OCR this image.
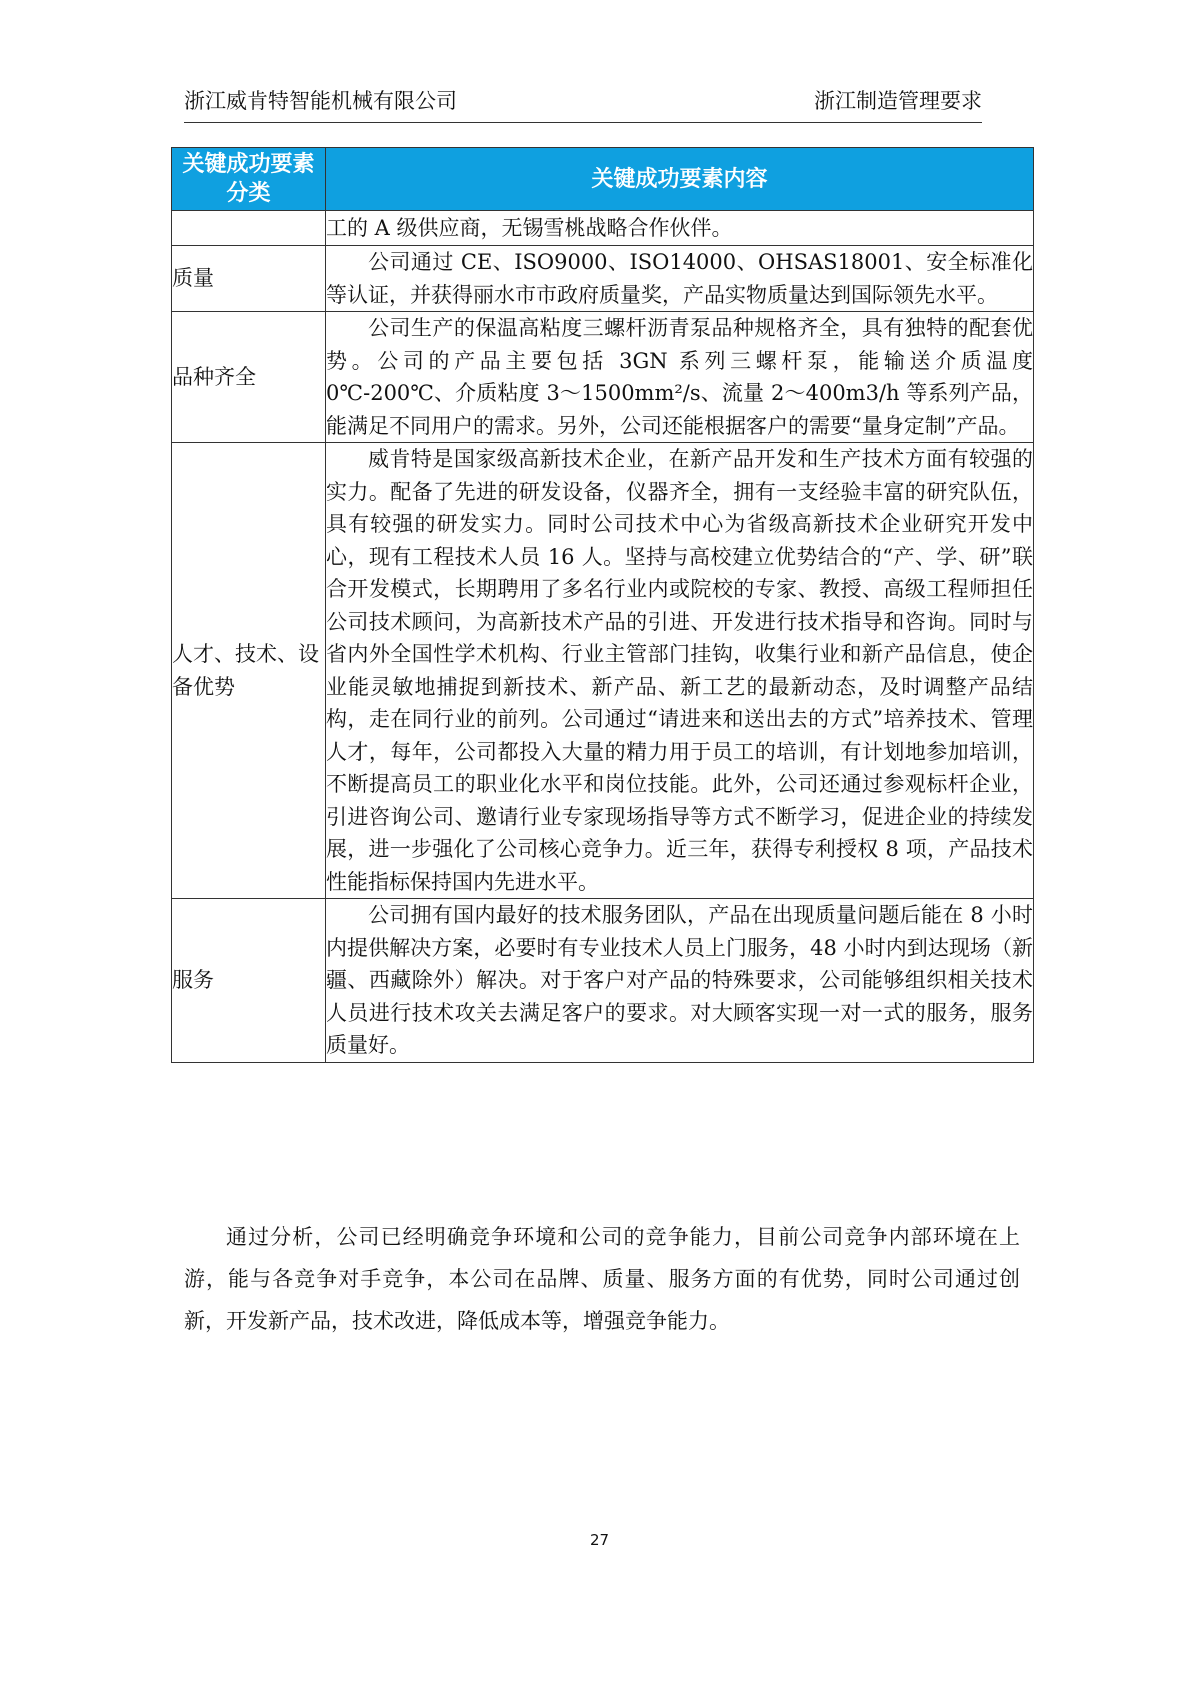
浙江威肯特智能机械有限公司	浙江制造管理要求
关键成功要素分类	关键成功要素内容

	工的 A 级供应商，无锡雪桃战略合作伙伴。

质量	公司通过 CE、ISO9000、ISO14000、OHSAS18001、安全标准化等认证，并获得丽水市市政府质量奖，产品实物质量达到国际领先水平。

品种齐全	公司生产的保温高粘度三螺杆沥青泵品种规格齐全，具有独特的配套优势。公司的产品主要包括 3GN 系列三螺杆泵，能输送介质温度 0℃-200℃、介质粘度 3～1500mm²/s、流量 2～400m3/h 等系列产品，能满足不同用户的需求。另外，公司还能根据客户的需要“量身定制”产品。

人才、技术、设备优势	威肯特是国家级高新技术企业，在新产品开发和生产技术方面有较强的实力。配备了先进的研发设备，仪器齐全，拥有一支经验丰富的研究队伍，具有较强的研发实力。同时公司技术中心为省级高新技术企业研究开发中心，现有工程技术人员 16 人。坚持与高校建立优势结合的“产、学、研”联合开发模式，长期聘用了多名行业内或院校的专家、教授、高级工程师担任公司技术顾问，为高新技术产品的引进、开发进行技术指导和咨询。同时与省内外全国性学术机构、行业主管部门挂钩，收集行业和新产品信息，使企业能灵敏地捕捉到新技术、新产品、新工艺的最新动态，及时调整产品结构，走在同行业的前列。公司通过“请进来和送出去的方式”培养技术、管理人才，每年，公司都投入大量的精力用于员工的培训，有计划地参加培训，不断提高员工的职业化水平和岗位技能。此外，公司还通过参观标杆企业，引进咨询公司、邀请行业专家现场指导等方式不断学习，促进企业的持续发展，进一步强化了公司核心竞争力。近三年，获得专利授权 8 项，产品技术性能指标保持国内先进水平。

服务	公司拥有国内最好的技术服务团队，产品在出现质量问题后能在 8 小时内提供解决方案，必要时有专业技术人员上门服务，48 小时内到达现场（新疆、西藏除外）解决。对于客户对产品的特殊要求，公司能够组织相关技术人员进行技术攻关去满足客户的要求。对大顾客实现一对一式的服务，服务质量好。

通过分析，公司已经明确竞争环境和公司的竞争能力，目前公司竞争内部环境在上游，能与各竞争对手竞争，本公司在品牌、质量、服务方面的有优势，同时公司通过创新，开发新产品，技术改进，降低成本等，增强竞争能力。

27
